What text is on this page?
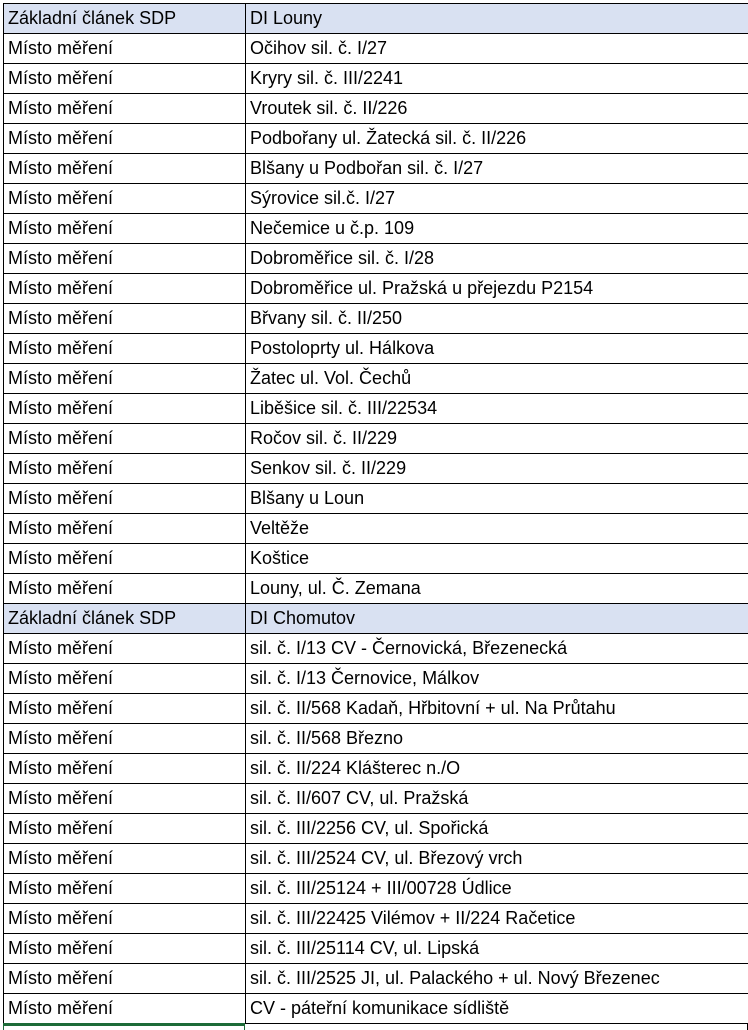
Základní článek SDP	DI Louny
Místo měření	Očihov sil. č. I/27
Místo měření	Kryry sil. č. III/2241
Místo měření	Vroutek sil. č. II/226
Místo měření	Podbořany ul. Žatecká sil. č. II/226
Místo měření	Blšany u Podbořan sil. č. I/27
Místo měření	Sýrovice sil.č. I/27
Místo měření	Nečemice u č.p. 109
Místo měření	Dobroměřice sil. č. I/28
Místo měření	Dobroměřice ul. Pražská u přejezdu P2154
Místo měření	Břvany sil. č. II/250
Místo měření	Postoloprty ul. Hálkova
Místo měření	Žatec ul. Vol. Čechů
Místo měření	Liběšice sil. č. III/22534
Místo měření	Ročov sil. č. II/229
Místo měření	Senkov sil. č. II/229
Místo měření	Blšany u Loun
Místo měření	Veltěže
Místo měření	Koštice
Místo měření	Louny, ul. Č. Zemana
Základní článek SDP	DI Chomutov
Místo měření	sil. č. I/13 CV - Černovická, Březenecká
Místo měření	sil. č. I/13 Černovice, Málkov
Místo měření	sil. č. II/568 Kadaň, Hřbitovní + ul. Na Průtahu
Místo měření	sil. č. II/568 Březno
Místo měření	sil. č. II/224 Klášterec n./O
Místo měření	sil. č. II/607 CV, ul. Pražská
Místo měření	sil. č. III/2256 CV, ul. Spořická
Místo měření	sil. č. III/2524 CV, ul. Březový vrch
Místo měření	sil. č. III/25124 + III/00728 Údlice
Místo měření	sil. č. III/22425 Vilémov + II/224 Račetice
Místo měření	sil. č. III/25114 CV, ul. Lipská
Místo měření	sil. č. III/2525 JI, ul. Palackého + ul. Nový Březenec
Místo měření	CV - páteřní komunikace sídliště
